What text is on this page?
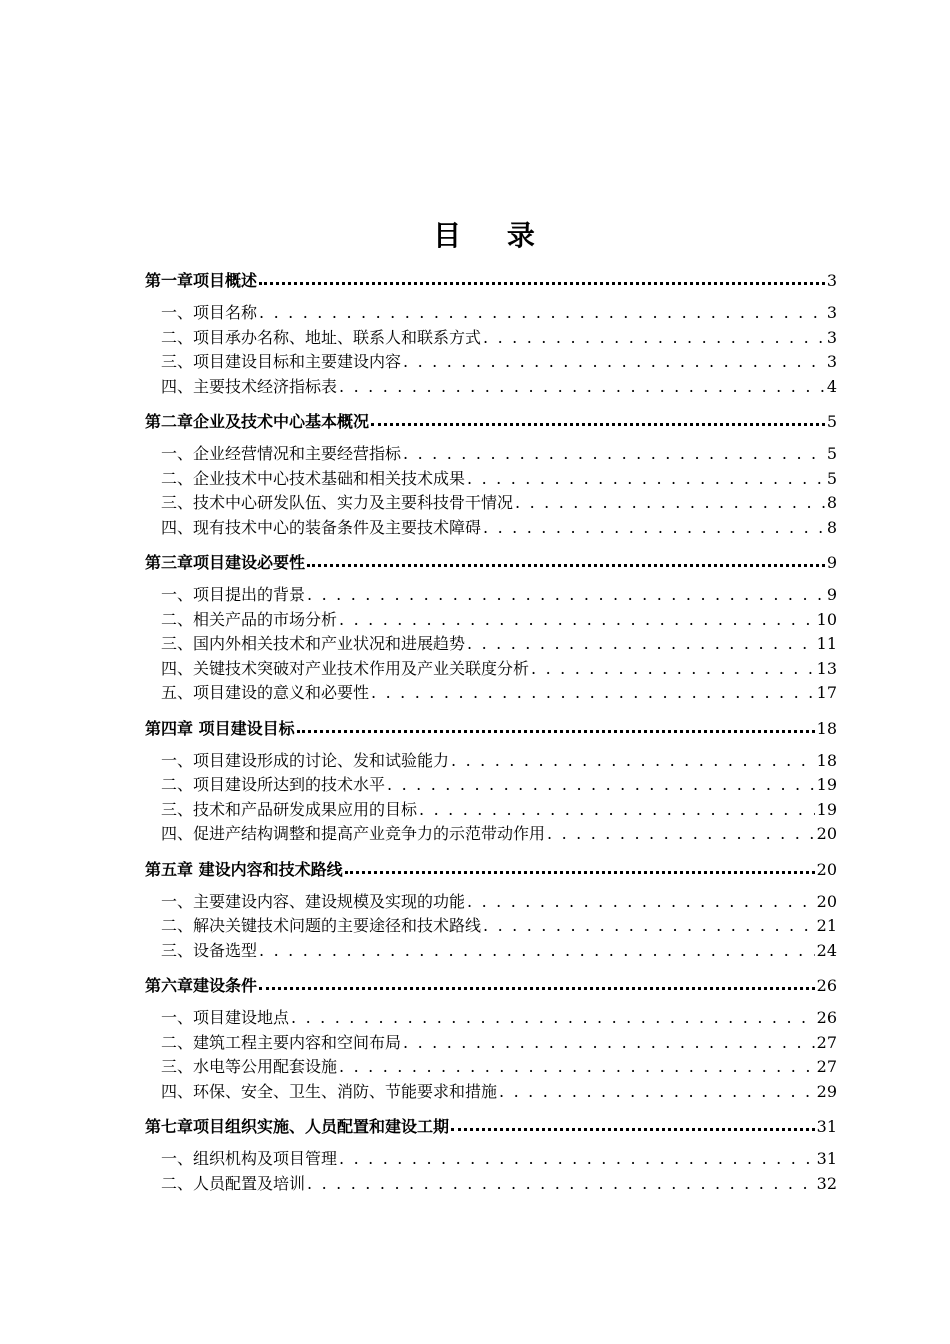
目 录
第一章项目概述	3
一、项目名称 . . .	3
二、项目承办名称、地址、联系人和联系方式 . . .	3
三、项目建设目标和主要建设内容 . . .	3
四、主要技术经济指标表 . . .	4
第二章企业及技术中心基本概况	5
一、企业经营情况和主要经营指标 . . .	5
二、企业技术中心技术基础和相关技术成果 . . .	5
三、技术中心研发队伍、实力及主要科技骨干情况 . . .	8
四、现有技术中心的装备条件及主要技术障碍 . . .	8
第三章项目建设必要性	9
一、项目提出的背景 . . .	9
二、相关产品的市场分析 . . .	10
三、国内外相关技术和产业状况和进展趋势 . . .	11
四、关键技术突破对产业技术作用及产业关联度分析 . . .	13
五、项目建设的意义和必要性 . . .	17
第四章 项目建设目标	18
一、项目建设形成的讨论、发和试验能力 . . .	18
二、项目建设所达到的技术水平 . . .	19
三、技术和产品研发成果应用的目标 . . .	19
四、促进产结构调整和提高产业竞争力的示范带动作用 . . .	20
第五章 建设内容和技术路线	20
一、主要建设内容、建设规模及实现的功能 . . .	20
二、解决关键技术问题的主要途径和技术路线 . . .	21
三、设备选型 . . .	24
第六章建设条件	26
一、项目建设地点 . . .	26
二、建筑工程主要内容和空间布局 . . .	27
三、水电等公用配套设施 . . .	27
四、环保、安全、卫生、消防、节能要求和措施 . . .	29
第七章项目组织实施、人员配置和建设工期	31
一、组织机构及项目管理 . . .	31
二、人员配置及培训 . . .	32
